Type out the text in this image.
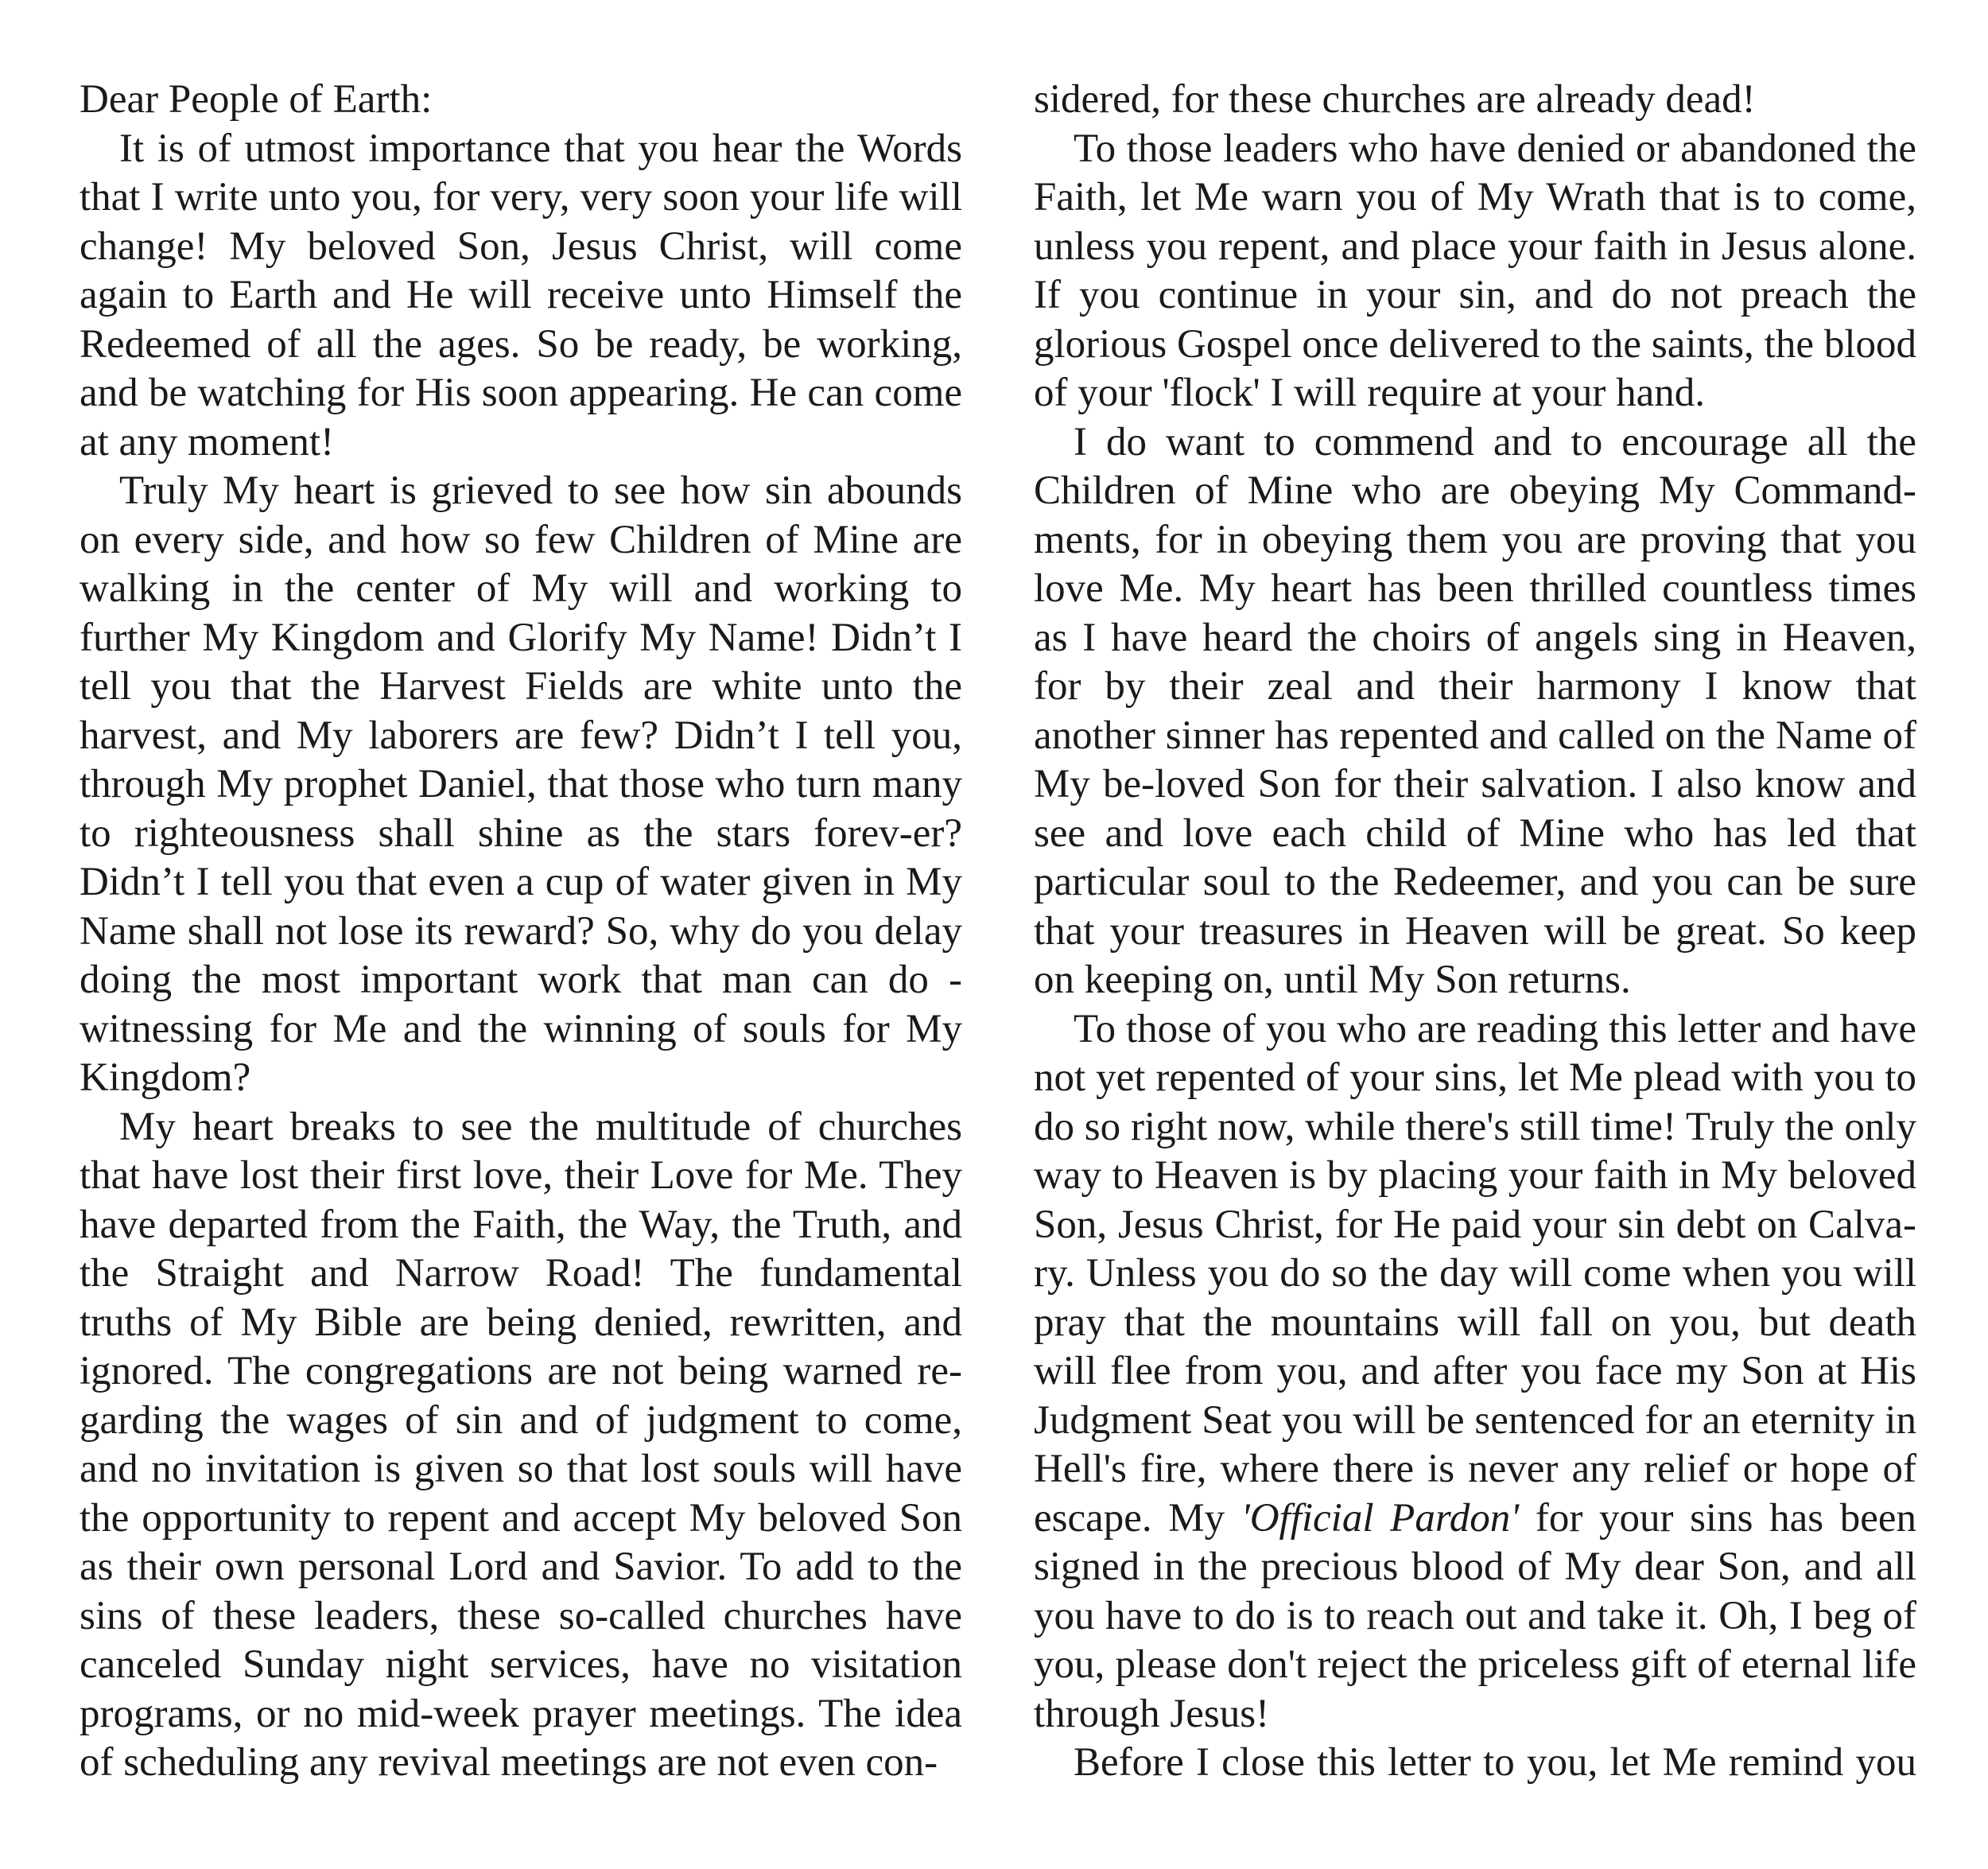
Dear People of Earth:

It is of utmost importance that you hear the Words that I write unto you, for very, very soon your life will change! My beloved Son, Jesus Christ, will come again to Earth and He will receive unto Himself the Redeemed of all the ages. So be ready, be working, and be watching for His soon appearing. He can come at any moment!

Truly My heart is grieved to see how sin abounds on every side, and how so few Children of Mine are walking in the center of My will and working to further My Kingdom and Glorify My Name! Didn’t I tell you that the Harvest Fields are white unto the harvest, and My laborers are few? Didn’t I tell you, through My prophet Daniel, that those who turn many to righteousness shall shine as the stars forev-er? Didn’t I tell you that even a cup of water given in My Name shall not lose its reward? So, why do you delay doing the most important work that man can do - witnessing for Me and the winning of souls for My Kingdom?

My heart breaks to see the multitude of churches that have lost their first love, their Love for Me. They have departed from the Faith, the Way, the Truth, and the Straight and Narrow Road! The fundamental truths of My Bible are being denied, rewritten, and ignored. The congregations are not being warned re-garding the wages of sin and of judgment to come, and no invitation is given so that lost souls will have the opportunity to repent and accept My beloved Son as their own personal Lord and Savior. To add to the sins of these leaders, these so-called churches have canceled Sunday night services, have no visitation programs, or no mid-week prayer meetings. The idea of scheduling any revival meetings are not even con-

sidered, for these churches are already dead!

To those leaders who have denied or abandoned the Faith, let Me warn you of My Wrath that is to come, unless you repent, and place your faith in Jesus alone. If you continue in your sin, and do not preach the glorious Gospel once delivered to the saints, the blood of your 'flock' I will require at your hand.

I do want to commend and to encourage all the Children of Mine who are obeying My Command-ments, for in obeying them you are proving that you love Me. My heart has been thrilled countless times as I have heard the choirs of angels sing in Heaven, for by their zeal and their harmony I know that another sinner has repented and called on the Name of My be-loved Son for their salvation. I also know and see and love each child of Mine who has led that particular soul to the Redeemer, and you can be sure that your treasures in Heaven will be great. So keep on keeping on, until My Son returns.

To those of you who are reading this letter and have not yet repented of your sins, let Me plead with you to do so right now, while there's still time! Truly the only way to Heaven is by placing your faith in My beloved Son, Jesus Christ, for He paid your sin debt on Calva-ry. Unless you do so the day will come when you will pray that the mountains will fall on you, but death will flee from you, and after you face my Son at His Judgment Seat you will be sentenced for an eternity in Hell's fire, where there is never any relief or hope of escape. My 'Official Pardon' for your sins has been signed in the precious blood of My dear Son, and all you have to do is to reach out and take it. Oh, I beg of you, please don't reject the priceless gift of eternal life through Jesus!

Before I close this letter to you, let Me remind you
